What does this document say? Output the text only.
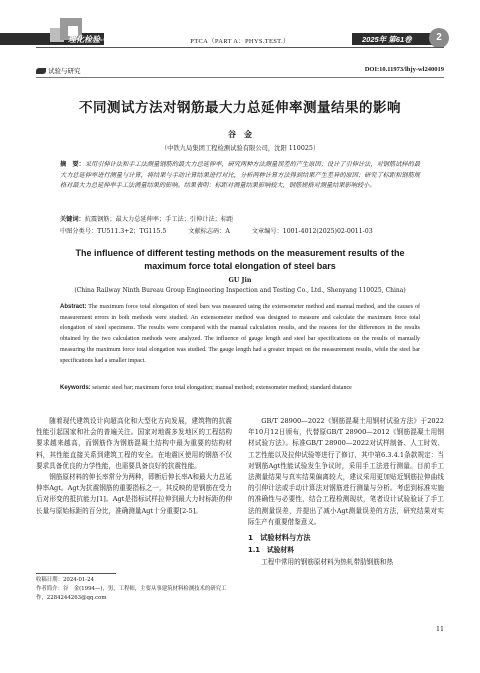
理化检验-物理分册	PTCA（PART A：PHYS.TEST.）	2025年 第61卷	2
试验与研究	DOI:10.11973/lhjy-wl240019
不同测试方法对钢筋最大力总延伸率测量结果的影响
谷　金
（中铁九局集团工程检测试验有限公司，沈阳 110025）
摘　要：采用引伸计法和手工法测量钢筋的最大力总延伸率，研究两种方法测量误差的产生原因；设计了引伸计法，对钢筋试样的最大力总延伸率进行测量与计算，将结果与手动计算结果进行对比，分析两种计算方法得到结果产生差异的原因；研究了标距和钢筋规格对最大力总延伸率手工法测量结果的影响。结果表明：标距对测量结果影响较大，钢筋规格对测量结果影响较小。
关键词：抗震钢筋；最大力总延伸率；手工法；引伸计法；标距
中图分类号：TU511.3+2；TG115.5	文献标志码：A	文章编号：1001-4012(2025)02-0011-03
The influence of different testing methods on the measurement results of the maximum force total elongation of steel bars
GU Jin
(China Railway Ninth Bureau Group Engineering Inspection and Testing Co., Ltd., Shenyang 110025, China)
Abstract: The maximum force total elongation of steel bars was measured using the extensometer method and manual method, and the causes of measurement errors in both methods were studied. An extensometer method was designed to measure and calculate the maximum force total elongation of steel specimens. The results were compared with the manual calculation results, and the reasons for the differences in the results obtained by the two calculation methods were analyzed. The influence of gauge length and steel bar specifications on the results of manually measuring the maximum force total elongation was studied. The gauge length had a greater impact on the measurement results, while the steel bar specifications had a smaller impact.
Keywords: seismic steel bar; maximum force total elongation; manual method; extensometer method; standard distance

随着现代建筑设计向超高化和大型化方向发展，建筑物的抗震性能引起国家和社会的普遍关注。国家对地震多发地区的工程结构要求越来越高，而钢筋作为钢筋混凝土结构中最为重要的结构材料，其性能直接关系到建筑工程的安全。在地震区使用的钢筋不仅要求具备优良的力学性能，也需要具备良好的抗震性能。

钢筋原材料的伸长率常分为两种，即断后伸长率A和最大力总延伸率Agt。Agt为抗震钢筋的重要指标之一，其反映的是钢筋在受力后对形变的抵抗能力[1]。Agt是指标试样拉伸到最大力时标距的伸长量与原始标距的百分比，准确测量Agt十分重要[2-5]。

收稿日期：2024-01-24
作者简介：谷　金(1994—)，男，工程师，主要从事建筑材料检测技术的研究工作，2284244263@qq.com

GB/T 28900—2022《钢筋混凝土用钢材试验方法》于2022年10月12日颁布，代替原GB/T 28900—2012《钢筋混凝土用钢材试验方法》。标准GB/T 28900—2022对试样制备、人工时效、工艺性能以及拉伸试验等进行了修订，其中第6.3.4.1条款规定：当对钢筋Agt性能试验发生争议时，采用手工法进行测量。目前手工法测量结果与真实结果偏离较大，建议采用更加贴近钢筋拉伸曲线的引伸计法或手动计算法对钢筋进行测量与分析。考虑到标准实施的准确性与必要性，结合工程检测现状，笔者设计试验验证了手工法的测量误差，并提出了减小Agt测量误差的方法，研究结果对实际生产有重要借鉴意义。

1　试验材料与方法

1.1　试验材料

工程中常用的钢筋原材料为热轧带肋钢筋和热

11
